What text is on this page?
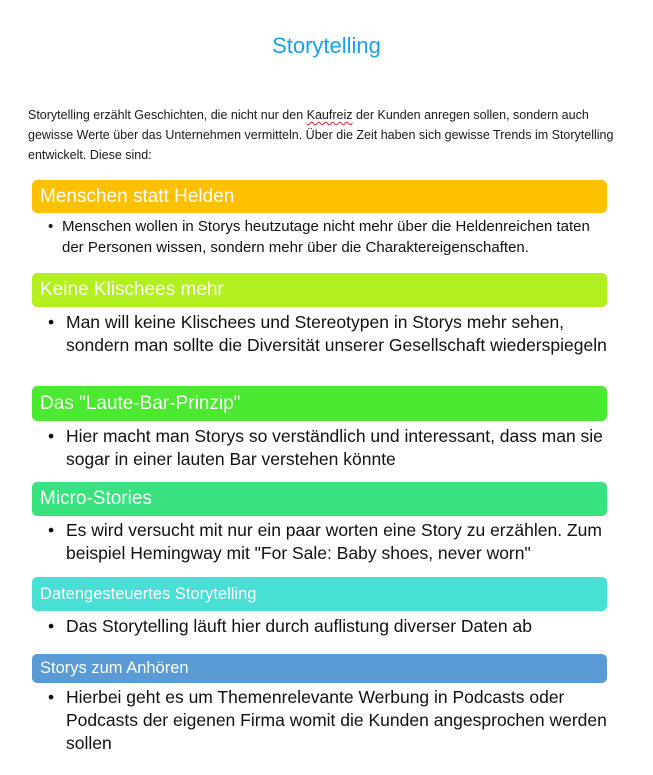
Storytelling
Storytelling erzählt Geschichten, die nicht nur den Kaufreiz der Kunden anregen sollen, sondern auch gewisse Werte über das Unternehmen vermitteln. Über die Zeit haben sich gewisse Trends im Storytelling entwickelt. Diese sind:
Menschen statt Helden
• Menschen wollen in Storys heutzutage nicht mehr über die Heldenreichen taten der Personen wissen, sondern mehr über die Charaktereigenschaften.
Keine Klischees mehr
• Man will keine Klischees und Stereotypen in Storys mehr sehen, sondern man sollte die Diversität unserer Gesellschaft wiederspiegeln
Das "Laute-Bar-Prinzip"
• Hier macht man Storys so verständlich und interessant, dass man sie sogar in einer lauten Bar verstehen könnte
Micro-Stories
• Es wird versucht mit nur ein paar worten eine Story zu erzählen. Zum beispiel Hemingway mit "For Sale: Baby shoes, never worn"
Datengesteuertes Storytelling
• Das Storytelling läuft hier durch auflistung diverser Daten ab
Storys zum Anhören
• Hierbei geht es um Themenrelevante Werbung in Podcasts oder Podcasts der eigenen Firma womit die Kunden angesprochen werden sollen
